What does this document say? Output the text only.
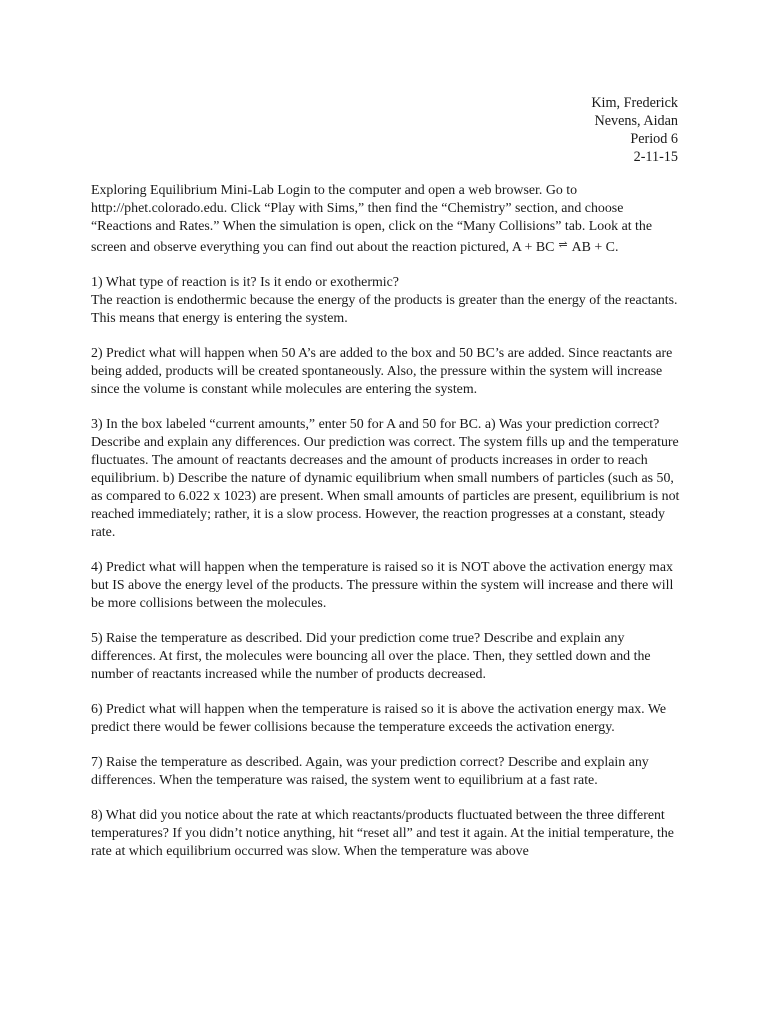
Kim, Frederick
Nevens, Aidan
Period 6
2-11-15

Exploring Equilibrium Mini-Lab Login to the computer and open a web browser. Go to http://phet.colorado.edu. Click “Play with Sims,” then find the “Chemistry” section, and choose “Reactions and Rates.” When the simulation is open, click on the “Many Collisions” tab. Look at the screen and observe everything you can find out about the reaction pictured, A + BC ⇌ AB + C.

1) What type of reaction is it? Is it endo or exothermic?
The reaction is endothermic because the energy of the products is greater than the energy of the reactants. This means that energy is entering the system.

2) Predict what will happen when 50 A’s are added to the box and 50 BC’s are added. Since reactants are being added, products will be created spontaneously. Also, the pressure within the system will increase since the volume is constant while molecules are entering the system.

3) In the box labeled “current amounts,” enter 50 for A and 50 for BC. a) Was your prediction correct? Describe and explain any differences. Our prediction was correct. The system fills up and the temperature fluctuates. The amount of reactants decreases and the amount of products increases in order to reach equilibrium. b) Describe the nature of dynamic equilibrium when small numbers of particles (such as 50, as compared to 6.022 x 1023) are present. When small amounts of particles are present, equilibrium is not reached immediately; rather, it is a slow process. However, the reaction progresses at a constant, steady rate.

4) Predict what will happen when the temperature is raised so it is NOT above the activation energy max but IS above the energy level of the products. The pressure within the system will increase and there will be more collisions between the molecules.

5) Raise the temperature as described. Did your prediction come true? Describe and explain any differences. At first, the molecules were bouncing all over the place. Then, they settled down and the number of reactants increased while the number of products decreased.

6) Predict what will happen when the temperature is raised so it is above the activation energy max. We predict there would be fewer collisions because the temperature exceeds the activation energy.

7) Raise the temperature as described. Again, was your prediction correct? Describe and explain any differences. When the temperature was raised, the system went to equilibrium at a fast rate.

8) What did you notice about the rate at which reactants/products fluctuated between the three different temperatures? If you didn’t notice anything, hit “reset all” and test it again. At the initial temperature, the rate at which equilibrium occurred was slow. When the temperature was above
